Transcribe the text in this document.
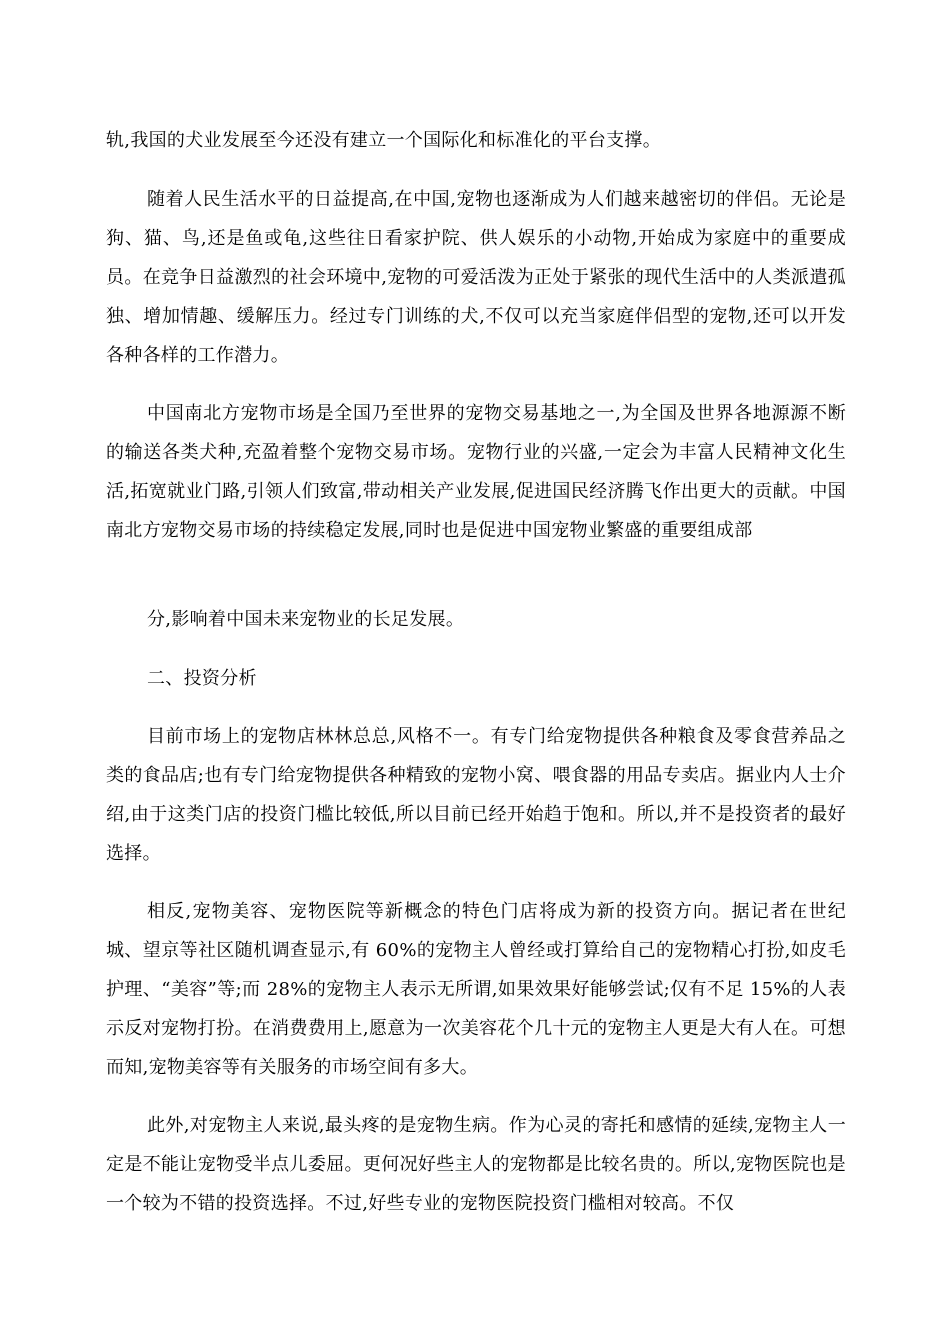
轨,我国的犬业发展至今还没有建立一个国际化和标准化的平台支撑。

随着人民生活水平的日益提高,在中国,宠物也逐渐成为人们越来越密切的伴侣。无论是狗、猫、鸟,还是鱼或龟,这些往日看家护院、供人娱乐的小动物,开始成为家庭中的重要成员。在竞争日益激烈的社会环境中,宠物的可爱活泼为正处于紧张的现代生活中的人类派遣孤独、增加情趣、缓解压力。经过专门训练的犬,不仅可以充当家庭伴侣型的宠物,还可以开发各种各样的工作潜力。

中国南北方宠物市场是全国乃至世界的宠物交易基地之一,为全国及世界各地源源不断的输送各类犬种,充盈着整个宠物交易市场。宠物行业的兴盛,一定会为丰富人民精神文化生活,拓宽就业门路,引领人们致富,带动相关产业发展,促进国民经济腾飞作出更大的贡献。中国南北方宠物交易市场的持续稳定发展,同时也是促进中国宠物业繁盛的重要组成部

分,影响着中国未来宠物业的长足发展。

二、投资分析

目前市场上的宠物店林林总总,风格不一。有专门给宠物提供各种粮食及零食营养品之类的食品店;也有专门给宠物提供各种精致的宠物小窝、喂食器的用品专卖店。据业内人士介绍,由于这类门店的投资门槛比较低,所以目前已经开始趋于饱和。所以,并不是投资者的最好选择。

相反,宠物美容、宠物医院等新概念的特色门店将成为新的投资方向。据记者在世纪城、望京等社区随机调查显示,有 60%的宠物主人曾经或打算给自己的宠物精心打扮,如皮毛护理、“美容”等;而 28%的宠物主人表示无所谓,如果效果好能够尝试;仅有不足 15%的人表示反对宠物打扮。在消费费用上,愿意为一次美容花个几十元的宠物主人更是大有人在。可想而知,宠物美容等有关服务的市场空间有多大。

此外,对宠物主人来说,最头疼的是宠物生病。作为心灵的寄托和感情的延续,宠物主人一定是不能让宠物受半点儿委屈。更何况好些主人的宠物都是比较名贵的。所以,宠物医院也是一个较为不错的投资选择。不过,好些专业的宠物医院投资门槛相对较高。不仅
